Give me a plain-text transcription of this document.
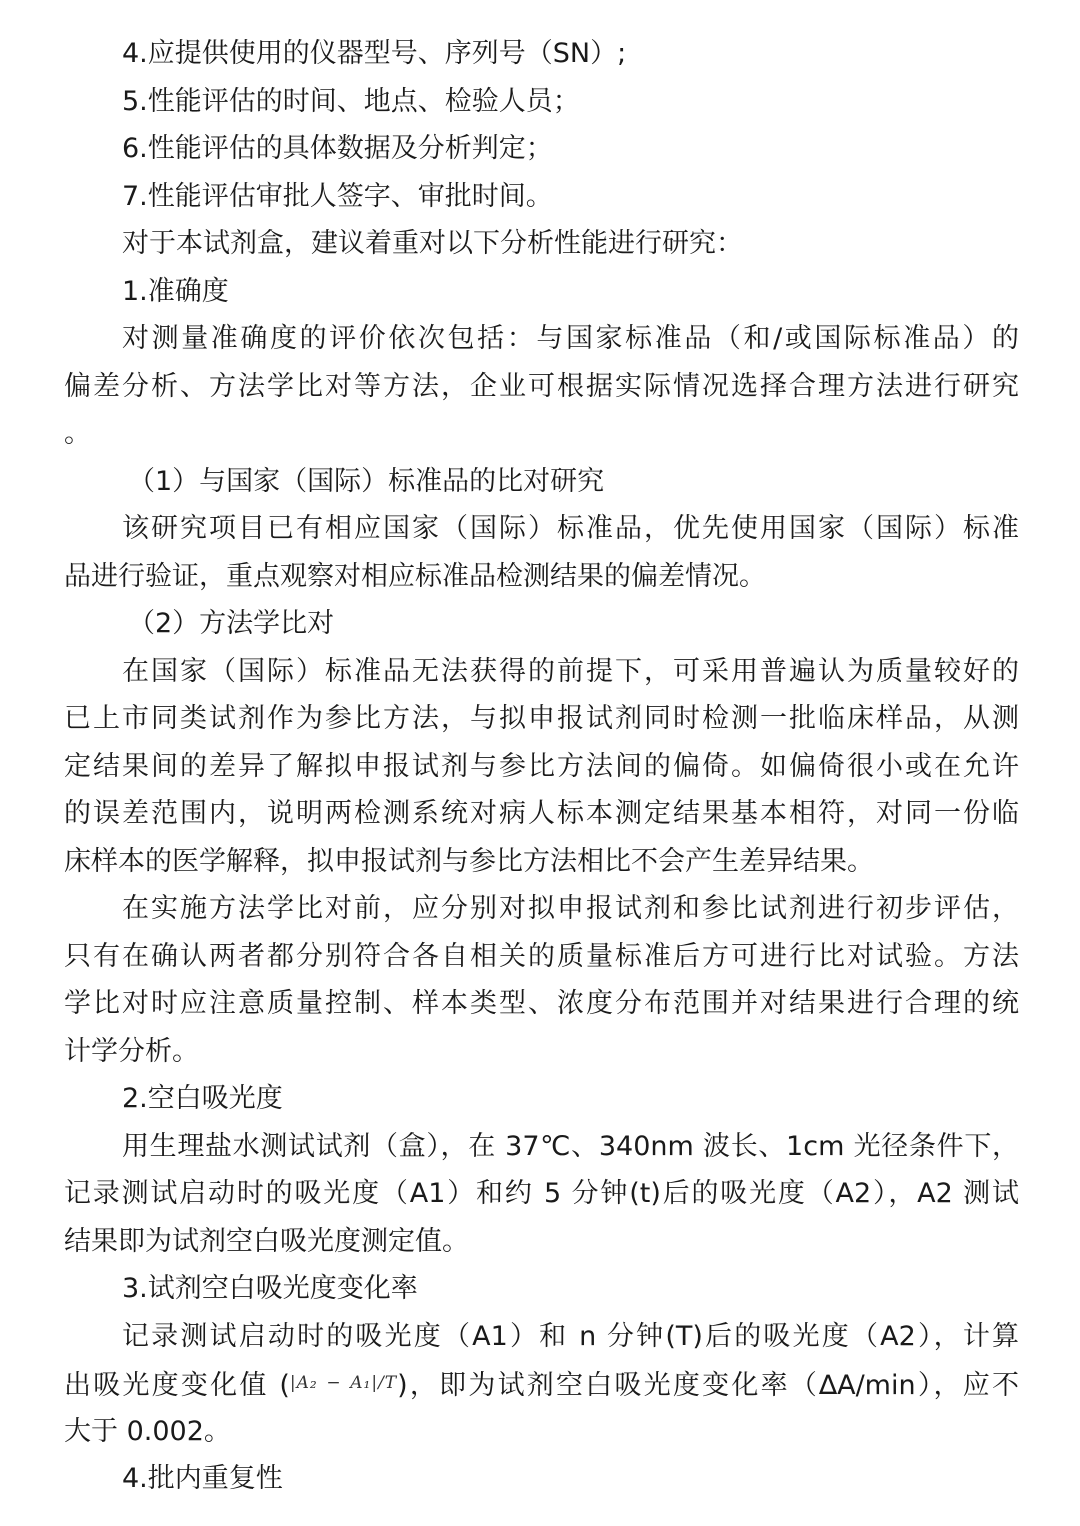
4.应提供使用的仪器型号、序列号（SN）;
5.性能评估的时间、地点、检验人员；
6.性能评估的具体数据及分析判定；
7.性能评估审批人签字、审批时间。
对于本试剂盒，建议着重对以下分析性能进行研究：
1.准确度
对测量准确度的评价依次包括：与国家标准品（和/或国际标准品）的
偏差分析、方法学比对等方法，企业可根据实际情况选择合理方法进行研究
。
（1）与国家（国际）标准品的比对研究
该研究项目已有相应国家（国际）标准品，优先使用国家（国际）标准
品进行验证，重点观察对相应标准品检测结果的偏差情况。
（2）方法学比对
在国家（国际）标准品无法获得的前提下，可采用普遍认为质量较好的
已上市同类试剂作为参比方法，与拟申报试剂同时检测一批临床样品，从测
定结果间的差异了解拟申报试剂与参比方法间的偏倚。如偏倚很小或在允许
的误差范围内，说明两检测系统对病人标本测定结果基本相符，对同一份临
床样本的医学解释，拟申报试剂与参比方法相比不会产生差异结果。
在实施方法学比对前，应分别对拟申报试剂和参比试剂进行初步评估，
只有在确认两者都分别符合各自相关的质量标准后方可进行比对试验。方法
学比对时应注意质量控制、样本类型、浓度分布范围并对结果进行合理的统
计学分析。
2.空白吸光度
用生理盐水测试试剂（盒），在 37℃、340nm 波长、1cm 光径条件下，
记录测试启动时的吸光度（A1）和约 5 分钟(t)后的吸光度（A2），A2 测试
结果即为试剂空白吸光度测定值。
3.试剂空白吸光度变化率
记录测试启动时的吸光度（A1）和 n 分钟(T)后的吸光度（A2），计算
出吸光度变化值 ($^{|A_2 - A_1|/T}$)，即为试剂空白吸光度变化率（∆A/min），应不
大于 0.002。
4.批内重复性
